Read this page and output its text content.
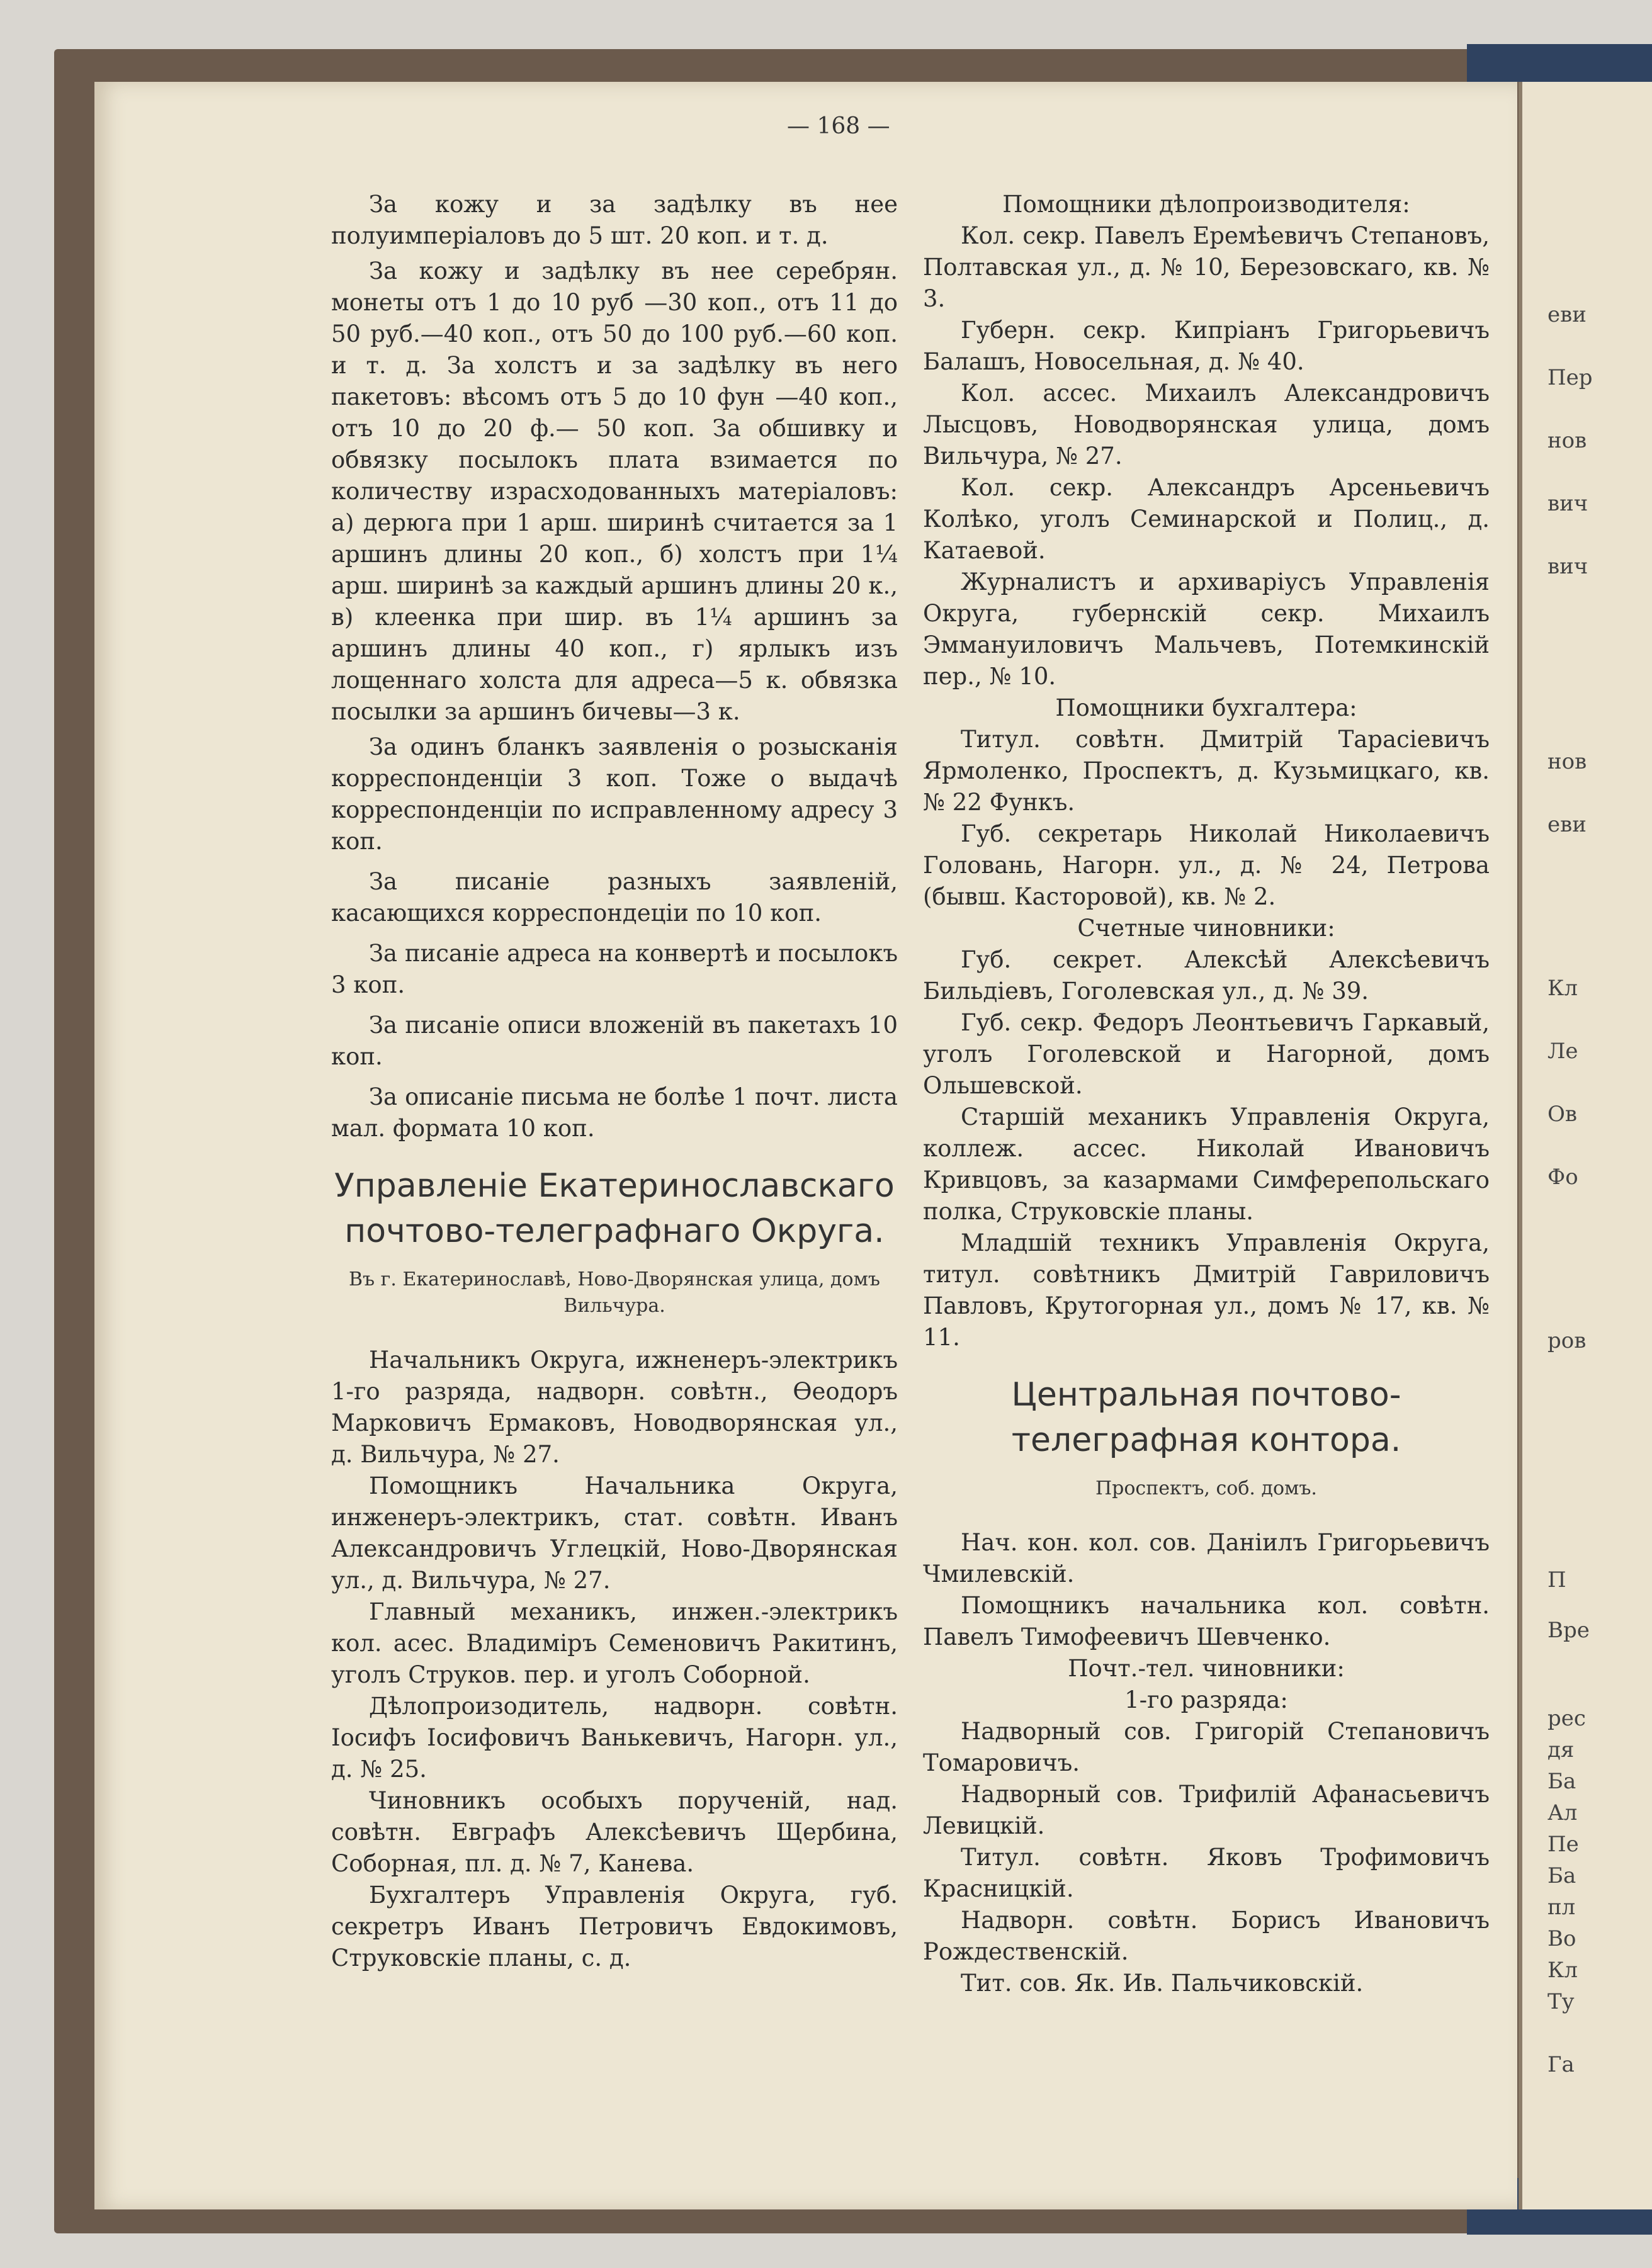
— 168 —

За кожу и за задѣлку въ нее полуимперіаловъ до 5 шт. 20 коп. и т. д.

За кожу и задѣлку въ нее серебрян. монеты отъ 1 до 10 руб —30 коп., отъ 11 до 50 руб.—40 коп., отъ 50 до 100 руб.—60 коп. и т. д. За холстъ и за задѣлку въ него пакетовъ: вѣсомъ отъ 5 до 10 фун —40 коп., отъ 10 до 20 ф.— 50 коп. За обшивку и обвязку посылокъ плата взимается по количеству израсходованныхъ матеріаловъ: а) дерюга при 1 арш. ширинѣ считается за 1 аршинъ длины 20 коп., б) холстъ при 1¼ арш. ширинѣ за каждый аршинъ длины 20 к., в) клеенка при шир. въ 1¼ аршинъ за аршинъ длины 40 коп., г) ярлыкъ изъ лощеннаго холста для адреса—5 к. обвязка посылки за аршинъ бичевы—3 к.

За одинъ бланкъ заявленія о розысканія корреспонденціи 3 коп. Тоже о выдачѣ корреспонденціи по исправленному адресу 3 коп.

За писаніе разныхъ заявленій, касающихся корреспондеціи по 10 коп.

За писаніе адреса на конвертѣ и посылокъ 3 коп.

За писаніе описи вложеній въ пакетахъ 10 коп.

За описаніе письма не болѣе 1 почт. листа мал. формата 10 коп.

Управленіе Екатеринославскаго почтово-телеграфнаго Округа.
Въ г. Екатеринославѣ, Ново-Дворянская улица, домъ Вильчура.

Начальникъ Округа, ижненеръ-электрикъ 1-го разряда, надворн. совѣтн., Ѳеодоръ Марковичъ Ермаковъ, Новодворянская ул., д. Вильчура, № 27.

Помощникъ Начальника Округа, инженеръ-электрикъ, стат. совѣтн. Иванъ Александровичъ Углецкій, Ново-Дворянская ул., д. Вильчура, № 27.

Главный механикъ, инжен.-электрикъ кол. асес. Владиміръ Семеновичъ Ракитинъ, уголъ Струков. пер. и уголъ Соборной.

Дѣлопроизодитель, надворн. совѣтн. Іосифъ Іосифовичъ Ванькевичъ, Нагорн. ул., д. № 25.

Чиновникъ особыхъ порученій, над. совѣтн. Евграфъ Алексѣевичъ Щербина, Соборная, пл. д. № 7, Канева.

Бухгалтеръ Управленія Округа, губ. секретръ Иванъ Петровичъ Евдокимовъ, Струковскіе планы, с. д.

Помощники дѣлопроизводителя:

Кол. секр. Павелъ Еремѣевичъ Степановъ, Полтавская ул., д. № 10, Березовскаго, кв. № 3.

Губерн. секр. Кипріанъ Григорьевичъ Балашъ, Новосельная, д. № 40.

Кол. ассес. Михаилъ Александровичъ Лысцовъ, Новодворянская улица, домъ Вильчура, № 27.

Кол. секр. Александръ Арсеньевичъ Колѣко, уголъ Семинарской и Полиц., д. Катаевой.

Журналистъ и архиваріусъ Управленія Округа, губернскій секр. Михаилъ Эммануиловичъ Мальчевъ, Потемкинскій пер., № 10.

Помощники бухгалтера:

Титул. совѣтн. Дмитрій Тарасіевичъ Ярмоленко, Проспектъ, д. Кузьмицкаго, кв. № 22 Функъ.

Губ. секретарь Николай Николаевичъ Головань, Нагорн. ул., д. № 24, Петрова (бывш. Касторовой), кв. № 2.

Счетные чиновники:

Губ. секрет. Алексѣй Алексѣевичъ Бильдіевъ, Гоголевская ул., д. № 39.

Губ. секр. Федоръ Леонтьевичъ Гаркавый, уголъ Гоголевской и Нагорной, домъ Ольшевской.

Старшій механикъ Управленія Округа, коллеж. ассес. Николай Ивановичъ Кривцовъ, за казармами Симферепольскаго полка, Струковскіе планы.

Младшій техникъ Управленія Округа, титул. совѣтникъ Дмитрій Гавриловичъ Павловъ, Крутогорная ул., домъ № 17, кв. № 11.

Центральная почтово-телеграфная контора.
Проспектъ, соб. домъ.

Нач. кон. кол. сов. Даніилъ Григорьевичъ Чмилевскій.

Помощникъ начальника кол. совѣтн. Павелъ Тимофеевичъ Шевченко.

Почт.-тел. чиновники:

1-го разряда:

Надворный сов. Григорій Степановичъ Томаровичъ.

Надворный сов. Трифилій Афанасьевичъ Левицкій.

Титул. совѣтн. Яковъ Трофимовичъ Красницкій.

Надворн. совѣтн. Борисъ Ивановичъ Рождественскій.

Тит. сов. Як. Ив. Пальчиковскій.

еви
Пер
нов
вич
вич
нов
еви
Кл
Ле
Ов
Фо
ров
П
Вре
рес
дя
Ба
Ал
Пе
Ба
пл
Во
Кл
Ту
Га
